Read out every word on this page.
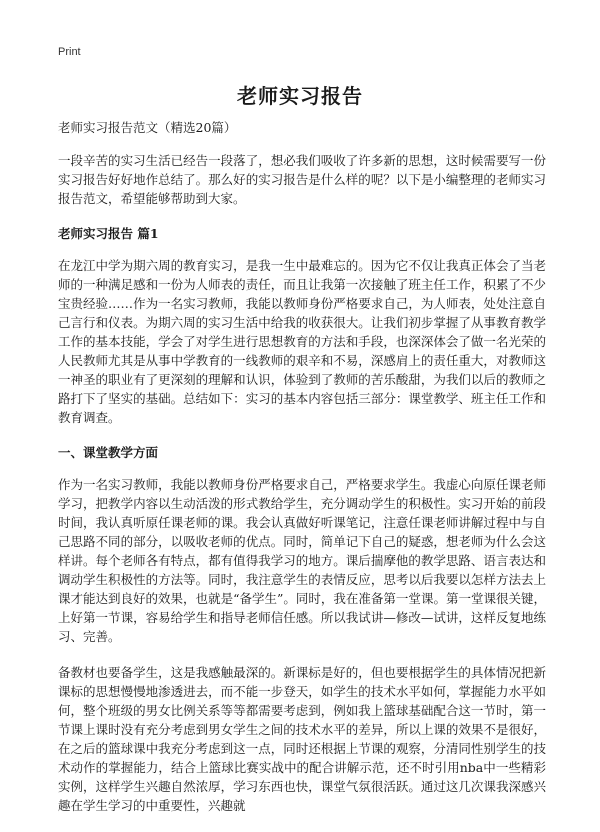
Print
老师实习报告
老师实习报告范文（精选20篇）

一段辛苦的实习生活已经告一段落了，想必我们吸收了许多新的思想，这时候需要写一份实习报告好好地作总结了。那么好的实习报告是什么样的呢？以下是小编整理的老师实习报告范文，希望能够帮助到大家。

老师实习报告 篇1

在龙江中学为期六周的教育实习，是我一生中最难忘的。因为它不仅让我真正体会了当老师的一种满足感和一份为人师表的责任，而且让我第一次接触了班主任工作，积累了不少宝贵经验……作为一名实习教师，我能以教师身份严格要求自己，为人师表，处处注意自己言行和仪表。为期六周的实习生活中给我的收获很大。让我们初步掌握了从事教育教学工作的基本技能，学会了对学生进行思想教育的方法和手段，也深深体会了做一名光荣的人民教师尤其是从事中学教育的一线教师的艰辛和不易，深感肩上的责任重大，对教师这一神圣的职业有了更深刻的理解和认识，体验到了教师的苦乐酸甜，为我们以后的教师之路打下了坚实的基础。总结如下：实习的基本内容包括三部分：课堂教学、班主任工作和教育调查。

一、课堂教学方面

作为一名实习教师，我能以教师身份严格要求自己，严格要求学生。我虚心向原任课老师学习，把教学内容以生动活泼的形式教给学生，充分调动学生的积极性。实习开始的前段时间，我认真听原任课老师的课。我会认真做好听课笔记，注意任课老师讲解过程中与自己思路不同的部分，以吸收老师的优点。同时，简单记下自己的疑惑，想老师为什么会这样讲。每个老师各有特点，都有值得我学习的地方。课后揣摩他的教学思路、语言表达和调动学生积极性的方法等。同时，我注意学生的表情反应，思考以后我要以怎样方法去上课才能达到良好的效果，也就是“备学生”。同时，我在准备第一堂课。第一堂课很关键，上好第一节课，容易给学生和指导老师信任感。所以我试讲—修改—试讲，这样反复地练习、完善。

备教材也要备学生，这是我感触最深的。新课标是好的，但也要根据学生的具体情况把新课标的思想慢慢地渗透进去，而不能一步登天，如学生的技术水平如何，掌握能力水平如何，整个班级的男女比例关系等等都需要考虑到，例如我上篮球基础配合这一节时，第一节课上课时没有充分考虑到男女学生之间的技术水平的差异，所以上课的效果不是很好，在之后的篮球课中我充分考虑到这一点，同时还根据上节课的观察，分清同性别学生的技术动作的掌握能力，结合上篮球比赛实战中的配合讲解示范，还不时引用nba中一些精彩实例，这样学生兴趣自然浓厚，学习东西也快，课堂气氛很活跃。通过这几次课我深感兴趣在学生学习的中重要性，兴趣就
